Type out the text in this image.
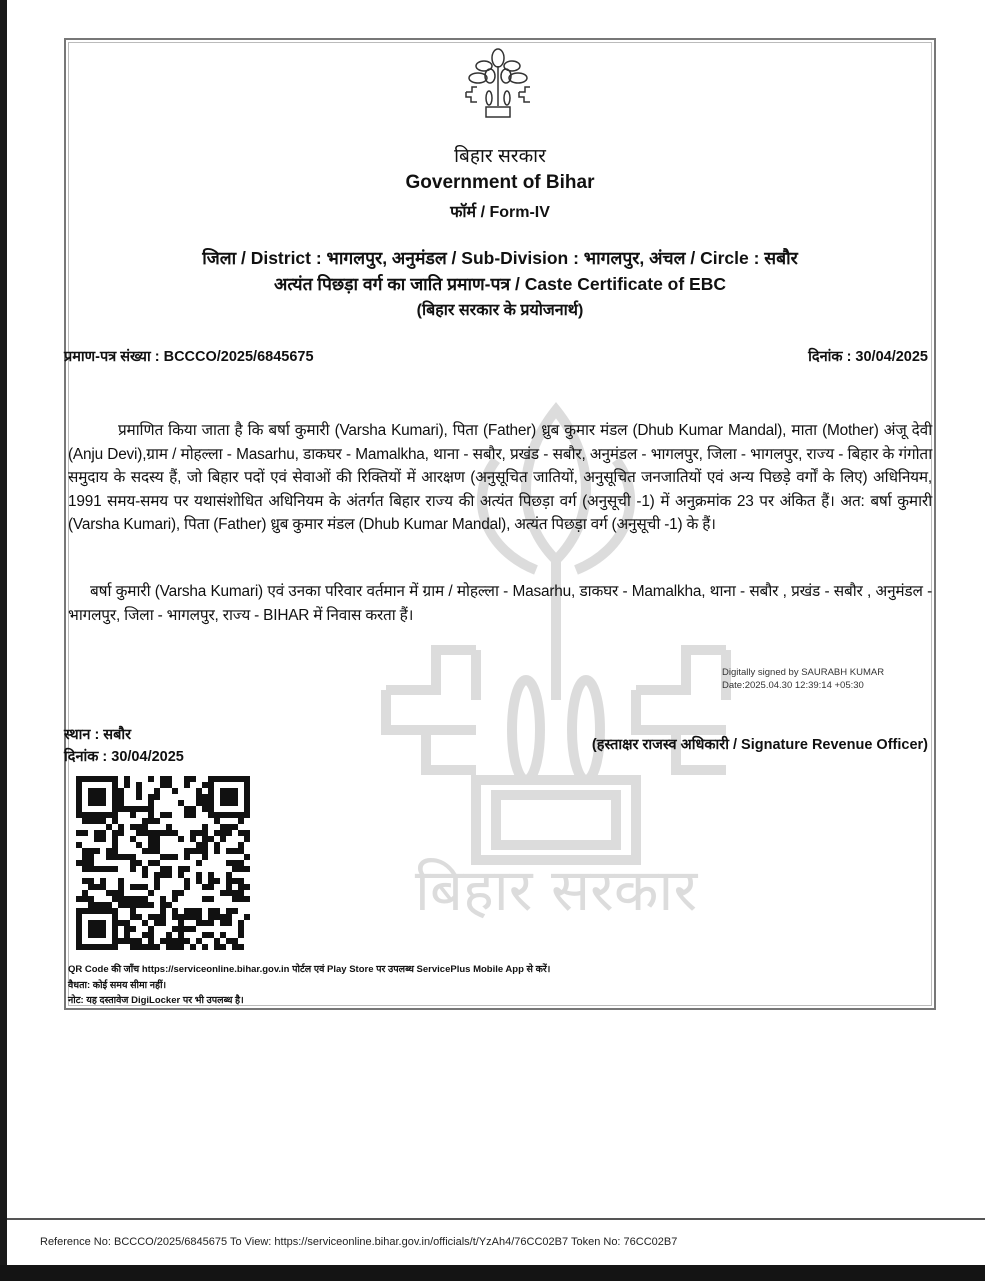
बिहार सरकार
बिहार सरकार
Government of Bihar
फॉर्म / Form-IV
जिला / District : भागलपुर, अनुमंडल / Sub-Division : भागलपुर, अंचल / Circle : सबौर
अत्यंत पिछड़ा वर्ग का जाति प्रमाण-पत्र / Caste Certificate of EBC
(बिहार सरकार के प्रयोजनार्थ)
प्रमाण-पत्र संख्या : BCCCO/2025/6845675	दिनांक : 30/04/2025
प्रमाणित किया जाता है कि बर्षा कुमारी (Varsha Kumari), पिता (Father) ध्रुब कुमार मंडल (Dhub Kumar Mandal), माता (Mother) अंजू देवी (Anju Devi),ग्राम / मोहल्ला - Masarhu, डाकघर - Mamalkha, थाना - सबौर, प्रखंड - सबौर, अनुमंडल - भागलपुर, जिला - भागलपुर, राज्य - बिहार के गंगोता समुदाय के सदस्य हैं, जो बिहार पदों एवं सेवाओं की रिक्तियों में आरक्षण (अनुसूचित जातियों, अनुसूचित जनजातियों एवं अन्य पिछड़े वर्गों के लिए) अधिनियम, 1991 समय-समय पर यथासंशोधित अधिनियम के अंतर्गत बिहार राज्य की अत्यंत पिछड़ा वर्ग (अनुसूची -1) में अनुक्रमांक 23 पर अंकित हैं। अत: बर्षा कुमारी (Varsha Kumari), पिता (Father) ध्रुब कुमार मंडल (Dhub Kumar Mandal), अत्यंत पिछड़ा वर्ग (अनुसूची -1) के हैं।
बर्षा कुमारी (Varsha Kumari) एवं उनका परिवार वर्तमान में ग्राम / मोहल्ला - Masarhu, डाकघर - Mamalkha, थाना - सबौर , प्रखंड - सबौर , अनुमंडल - भागलपुर, जिला - भागलपुर, राज्य - BIHAR में निवास करता हैं।
Digitally signed by SAURABH KUMAR
Date:2025.04.30 12:39:14 +05:30
स्थान : सबौर
(हस्ताक्षर राजस्व अधिकारी / Signature Revenue Officer)
दिनांक : 30/04/2025
QR Code की जाँच https://serviceonline.bihar.gov.in पोर्टल एवं Play Store पर उपलब्ध ServicePlus Mobile App से करें।
वैधता: कोई समय सीमा नहीं।
नोट: यह दस्तावेज DigiLocker पर भी उपलब्ध है।
Reference No: BCCCO/2025/6845675 To View: https://serviceonline.bihar.gov.in/officials/t/YzAh4/76CC02B7 Token No: 76CC02B7
